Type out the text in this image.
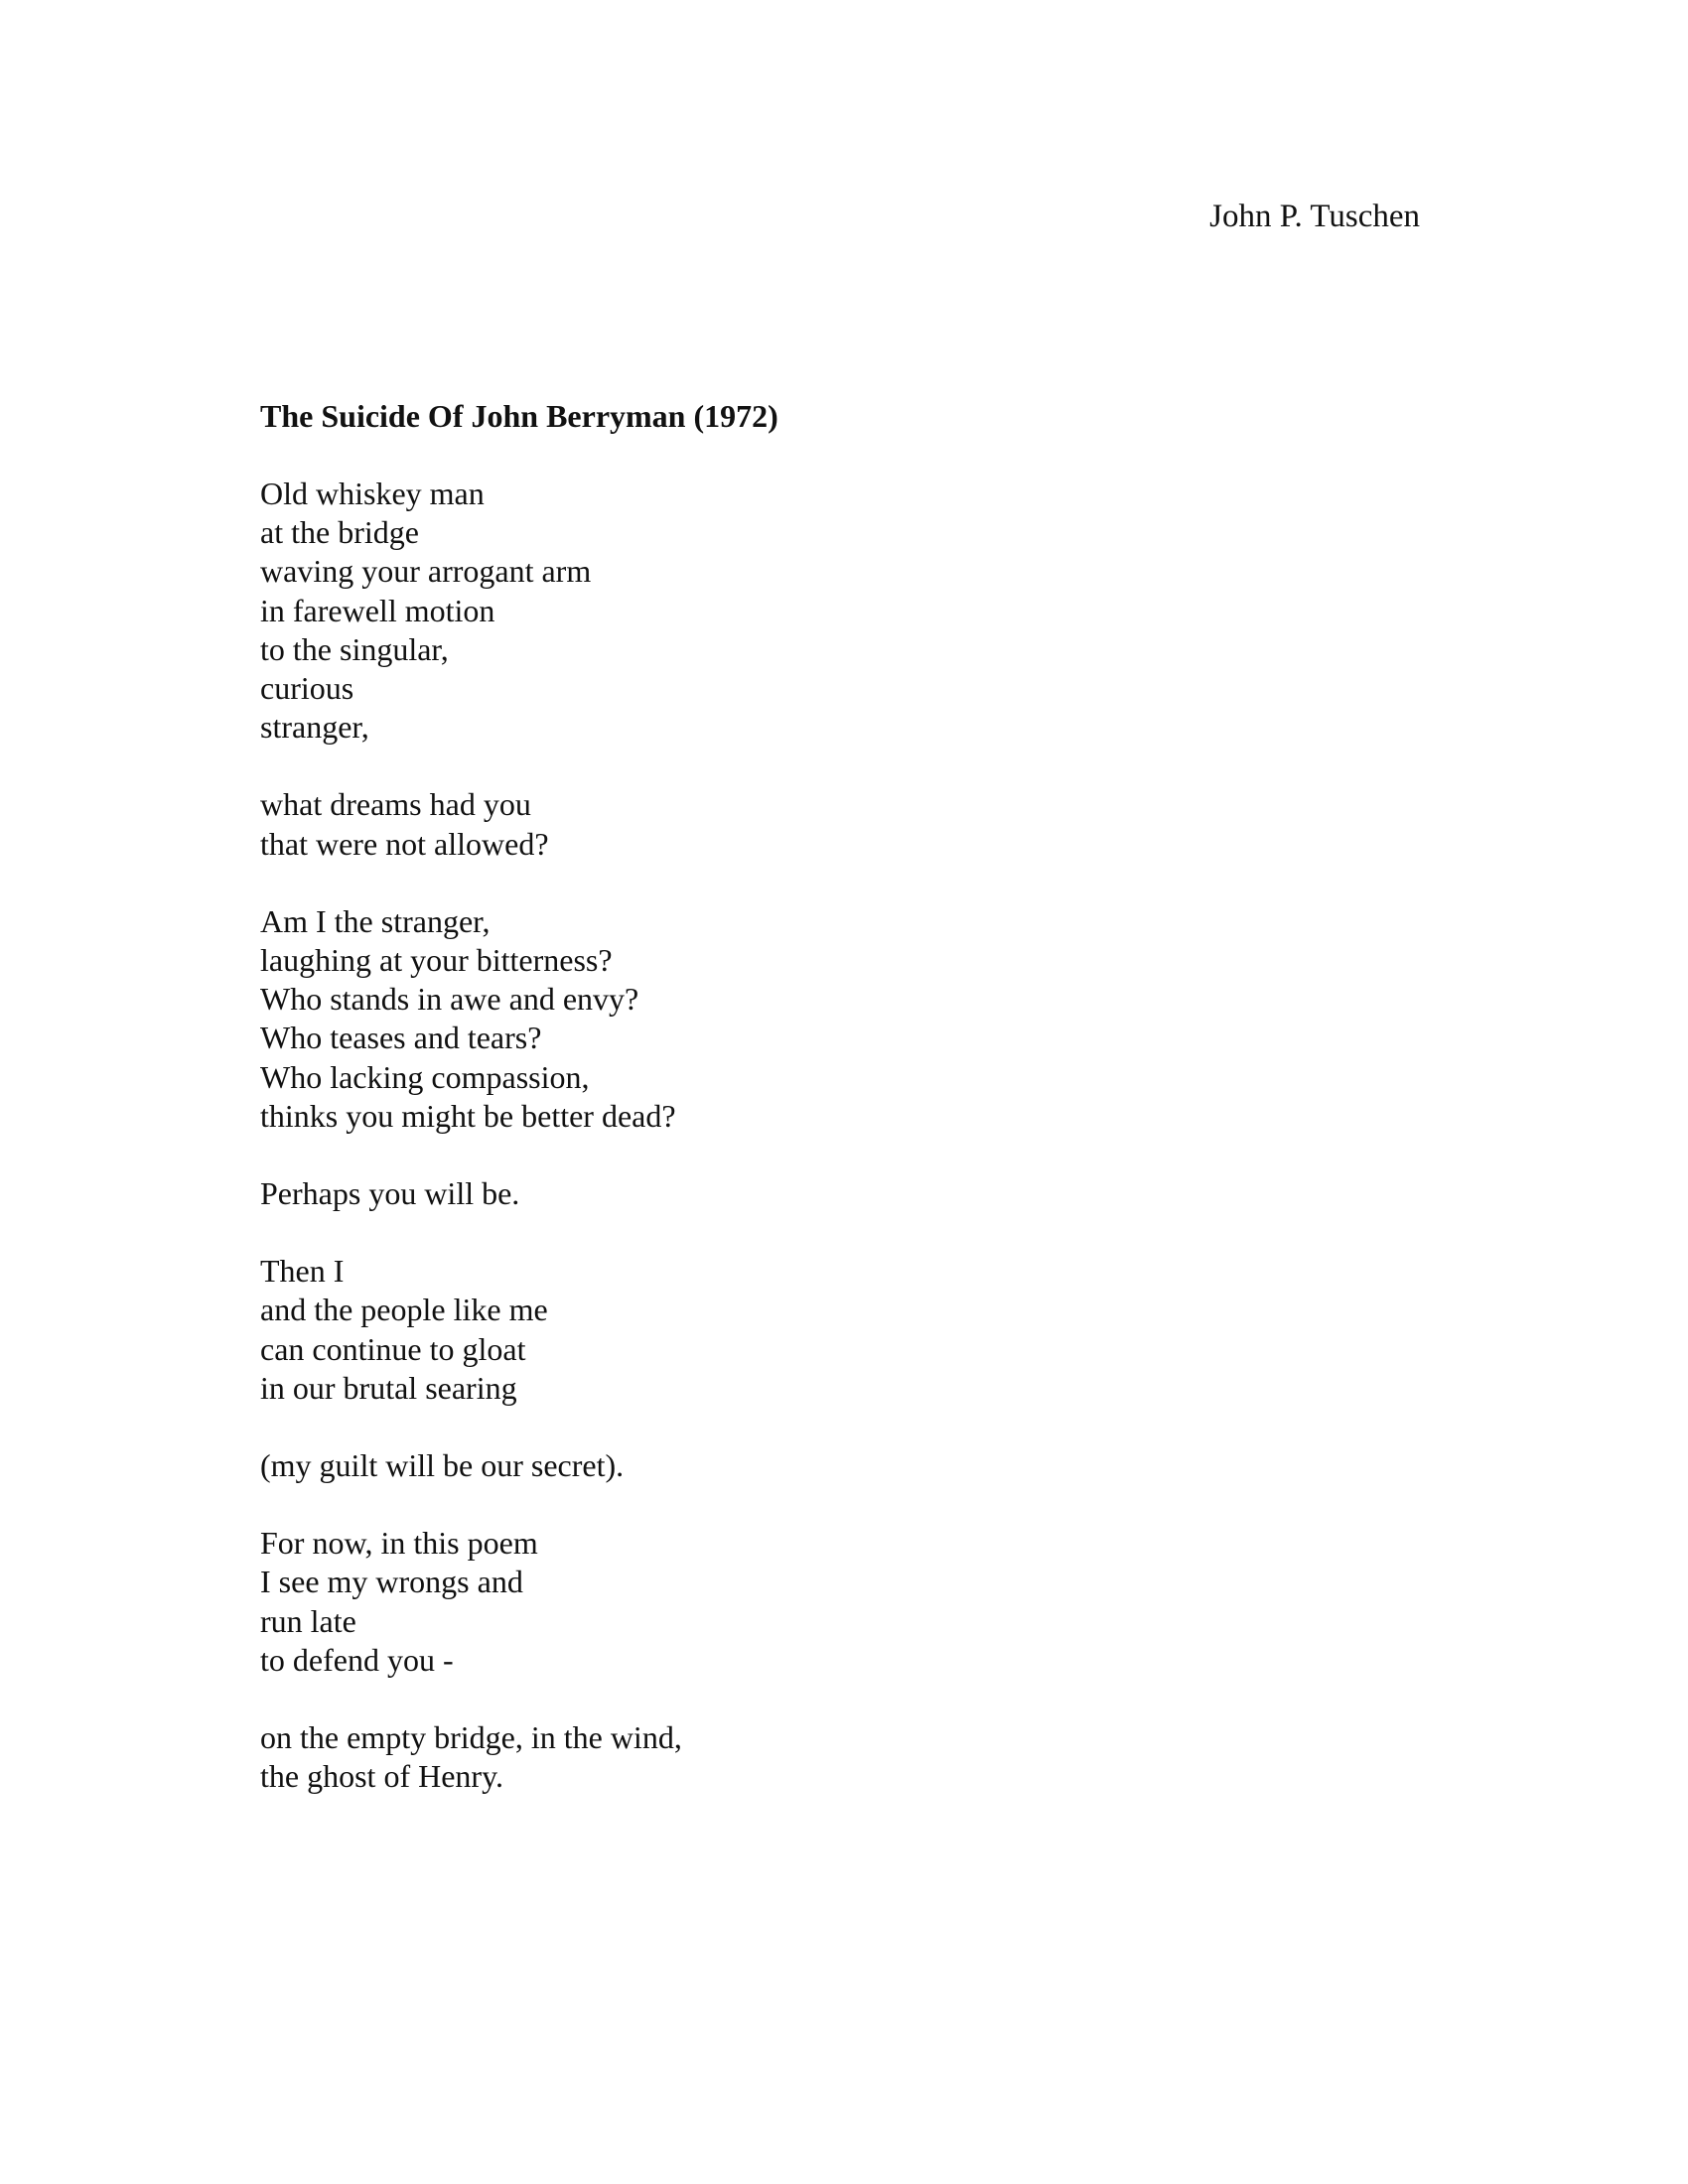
John P. Tuschen
The Suicide Of John Berryman (1972)
Old whiskey man
at the bridge
waving your arrogant arm
in farewell motion
to the singular,
curious
stranger,
what dreams had you
that were not allowed?
Am I the stranger,
laughing at your bitterness?
Who stands in awe and envy?
Who teases and tears?
Who lacking compassion,
thinks you might be better dead?
Perhaps you will be.
Then I
and the people like me
can continue to gloat
in our brutal searing
(my guilt will be our secret).
For now, in this poem
I see my wrongs and
run late
to defend you -
on the empty bridge, in the wind,
the ghost of Henry.
